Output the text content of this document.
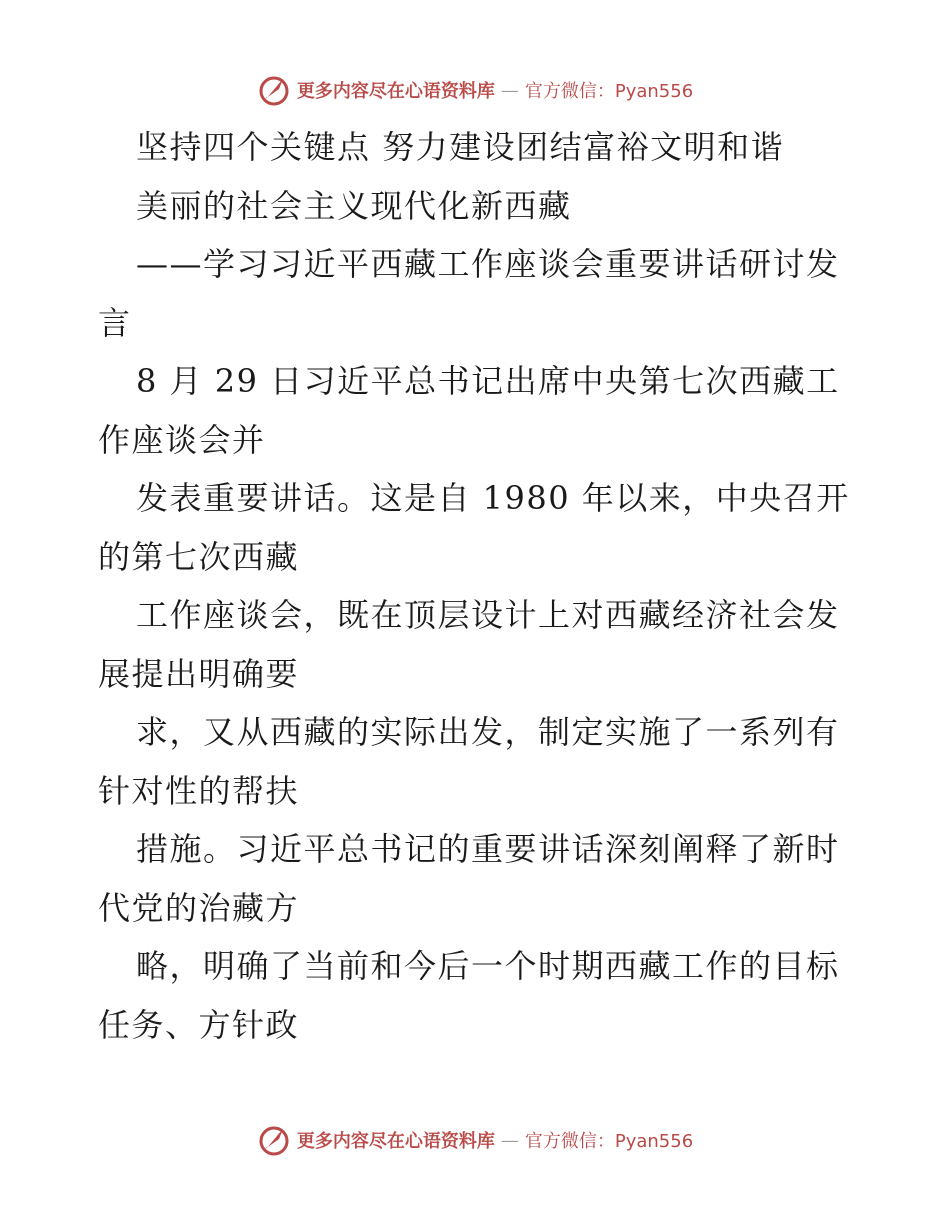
更多内容尽在心语资料库 — 官方微信：Pyan556
坚持四个关键点 努力建设团结富裕文明和谐
美丽的社会主义现代化新西藏
——学习习近平西藏工作座谈会重要讲话研讨发
言
8 月 29 日习近平总书记出席中央第七次西藏工
作座谈会并
发表重要讲话。这是自 1980 年以来，中央召开
的第七次西藏
工作座谈会，既在顶层设计上对西藏经济社会发
展提出明确要
求，又从西藏的实际出发，制定实施了一系列有
针对性的帮扶
措施。习近平总书记的重要讲话深刻阐释了新时
代党的治藏方
略，明确了当前和今后一个时期西藏工作的目标
任务、方针政
更多内容尽在心语资料库 — 官方微信：Pyan556
